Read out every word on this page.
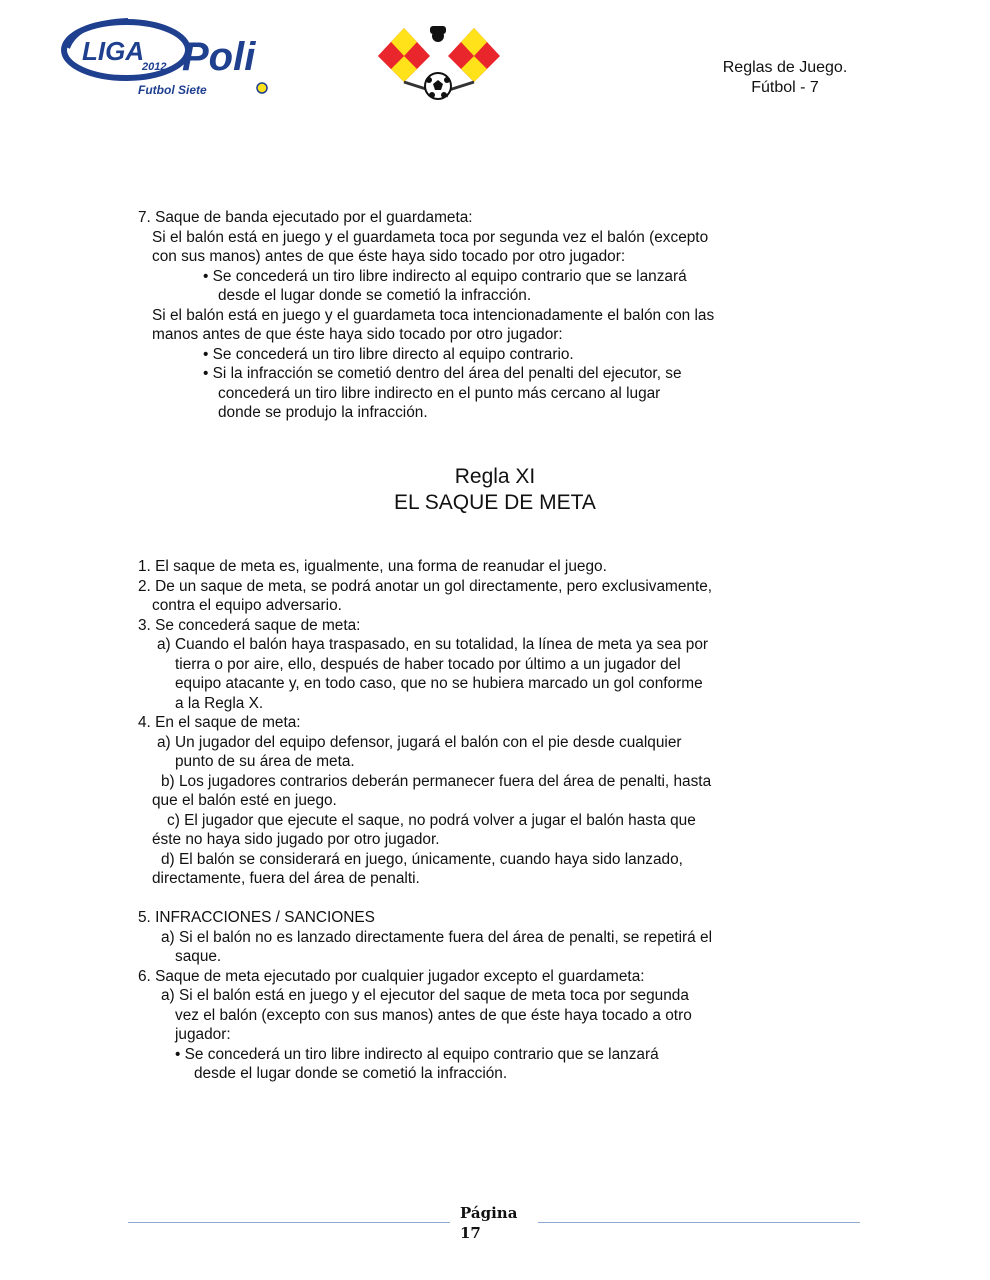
LIGA
2012 Poli
Futbol Siete
Reglas de Juego.
Fútbol - 7
7. Saque de banda ejecutado por el guardameta:
Si el balón está en juego y el guardameta toca por segunda vez el balón (excepto
con sus manos) antes de que éste haya sido tocado por otro jugador:
• Se concederá un tiro libre indirecto al equipo contrario que se lanzará
desde el lugar donde se cometió la infracción.
Si el balón está en juego y el guardameta toca intencionadamente el balón con las
manos antes de que éste haya sido tocado por otro jugador:
• Se concederá un tiro libre directo al equipo contrario.
• Si la infracción se cometió dentro del área del penalti del ejecutor, se
concederá un tiro libre indirecto en el punto más cercano al lugar
donde se produjo la infracción.
Regla XI
EL SAQUE DE META
1. El saque de meta es, igualmente, una forma de reanudar el juego.
2. De un saque de meta, se podrá anotar un gol directamente, pero exclusivamente,
contra el equipo adversario.
3. Se concederá saque de meta:
a) Cuando el balón haya traspasado, en su totalidad, la línea de meta ya sea por
tierra o por aire, ello, después de haber tocado por último a un jugador del
equipo atacante y, en todo caso, que no se hubiera marcado un gol conforme
a la Regla X.
4. En el saque de meta:
a) Un jugador del equipo defensor, jugará el balón con el pie desde cualquier
punto de su área de meta.
b) Los jugadores contrarios deberán permanecer fuera del área de penalti, hasta
que el balón esté en juego.
c) El jugador que ejecute el saque, no podrá volver a jugar el balón hasta que
éste no haya sido jugado por otro jugador.
d) El balón se considerará en juego, únicamente, cuando haya sido lanzado,
directamente, fuera del área de penalti.
5. INFRACCIONES / SANCIONES
a) Si el balón no es lanzado directamente fuera del área de penalti, se repetirá el
saque.
6. Saque de meta ejecutado por cualquier jugador excepto el guardameta:
a) Si el balón está en juego y el ejecutor del saque de meta toca por segunda
vez el balón (excepto con sus manos) antes de que éste haya tocado a otro
jugador:
• Se concederá un tiro libre indirecto al equipo contrario que se lanzará
desde el lugar donde se cometió la infracción.
Página
17
